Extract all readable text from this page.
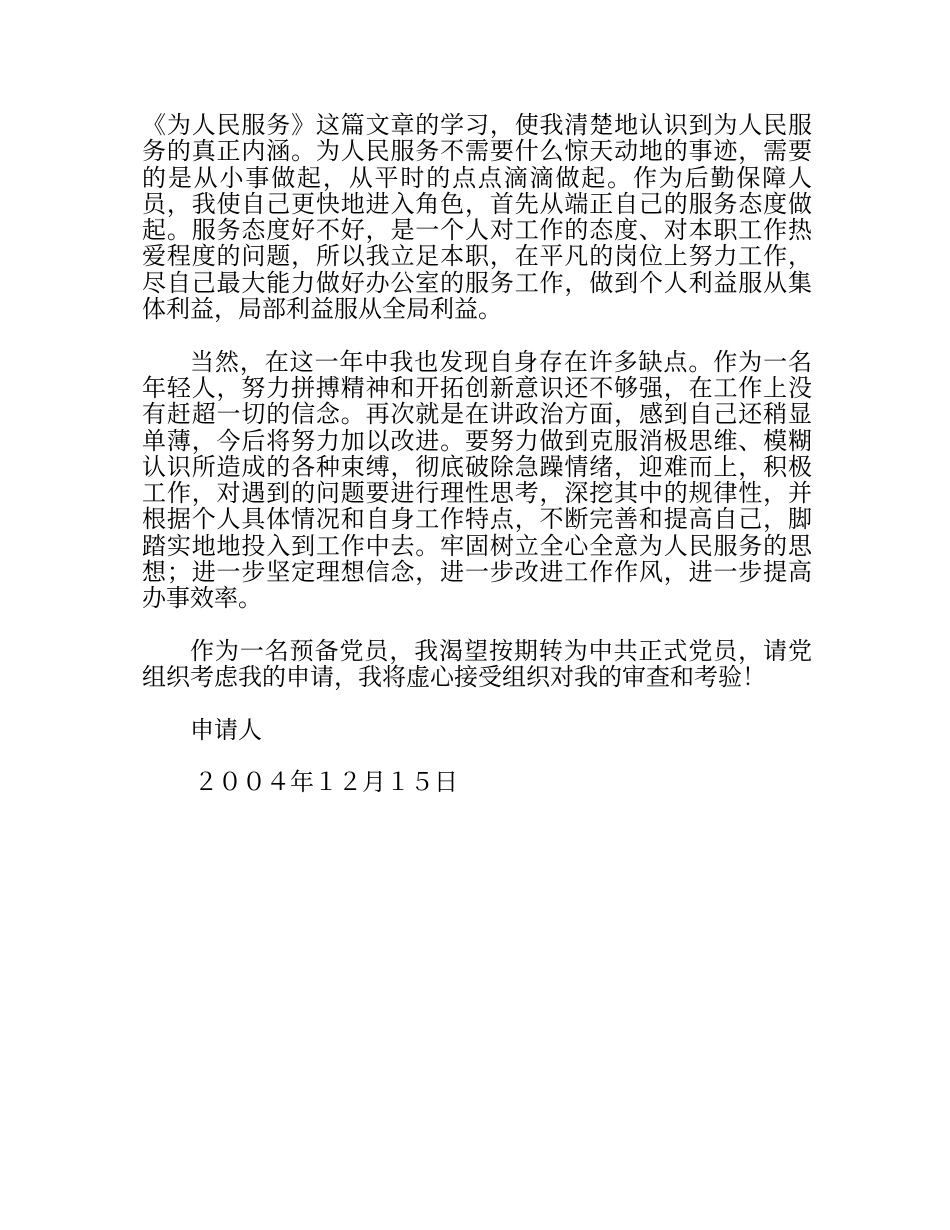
《为人民服务》这篇文章的学习，使我清楚地认识到为人民服务的真正内涵。为人民服务不需要什么惊天动地的事迹，需要的是从小事做起，从平时的点点滴滴做起。作为后勤保障人员，我使自己更快地进入角色，首先从端正自己的服务态度做起。服务态度好不好，是一个人对工作的态度、对本职工作热爱程度的问题，所以我立足本职，在平凡的岗位上努力工作，尽自己最大能力做好办公室的服务工作，做到个人利益服从集体利益，局部利益服从全局利益。

当然，在这一年中我也发现自身存在许多缺点。作为一名年轻人，努力拼搏精神和开拓创新意识还不够强，在工作上没有赶超一切的信念。再次就是在讲政治方面，感到自己还稍显单薄，今后将努力加以改进。要努力做到克服消极思维、模糊认识所造成的各种束缚，彻底破除急躁情绪，迎难而上，积极工作，对遇到的问题要进行理性思考，深挖其中的规律性，并根据个人具体情况和自身工作特点，不断完善和提高自己，脚踏实地地投入到工作中去。牢固树立全心全意为人民服务的思想；进一步坚定理想信念，进一步改进工作作风，进一步提高办事效率。

作为一名预备党员，我渴望按期转为中共正式党员，请党组织考虑我的申请，我将虚心接受组织对我的审查和考验！

申请人

２００４年１２月１５日
